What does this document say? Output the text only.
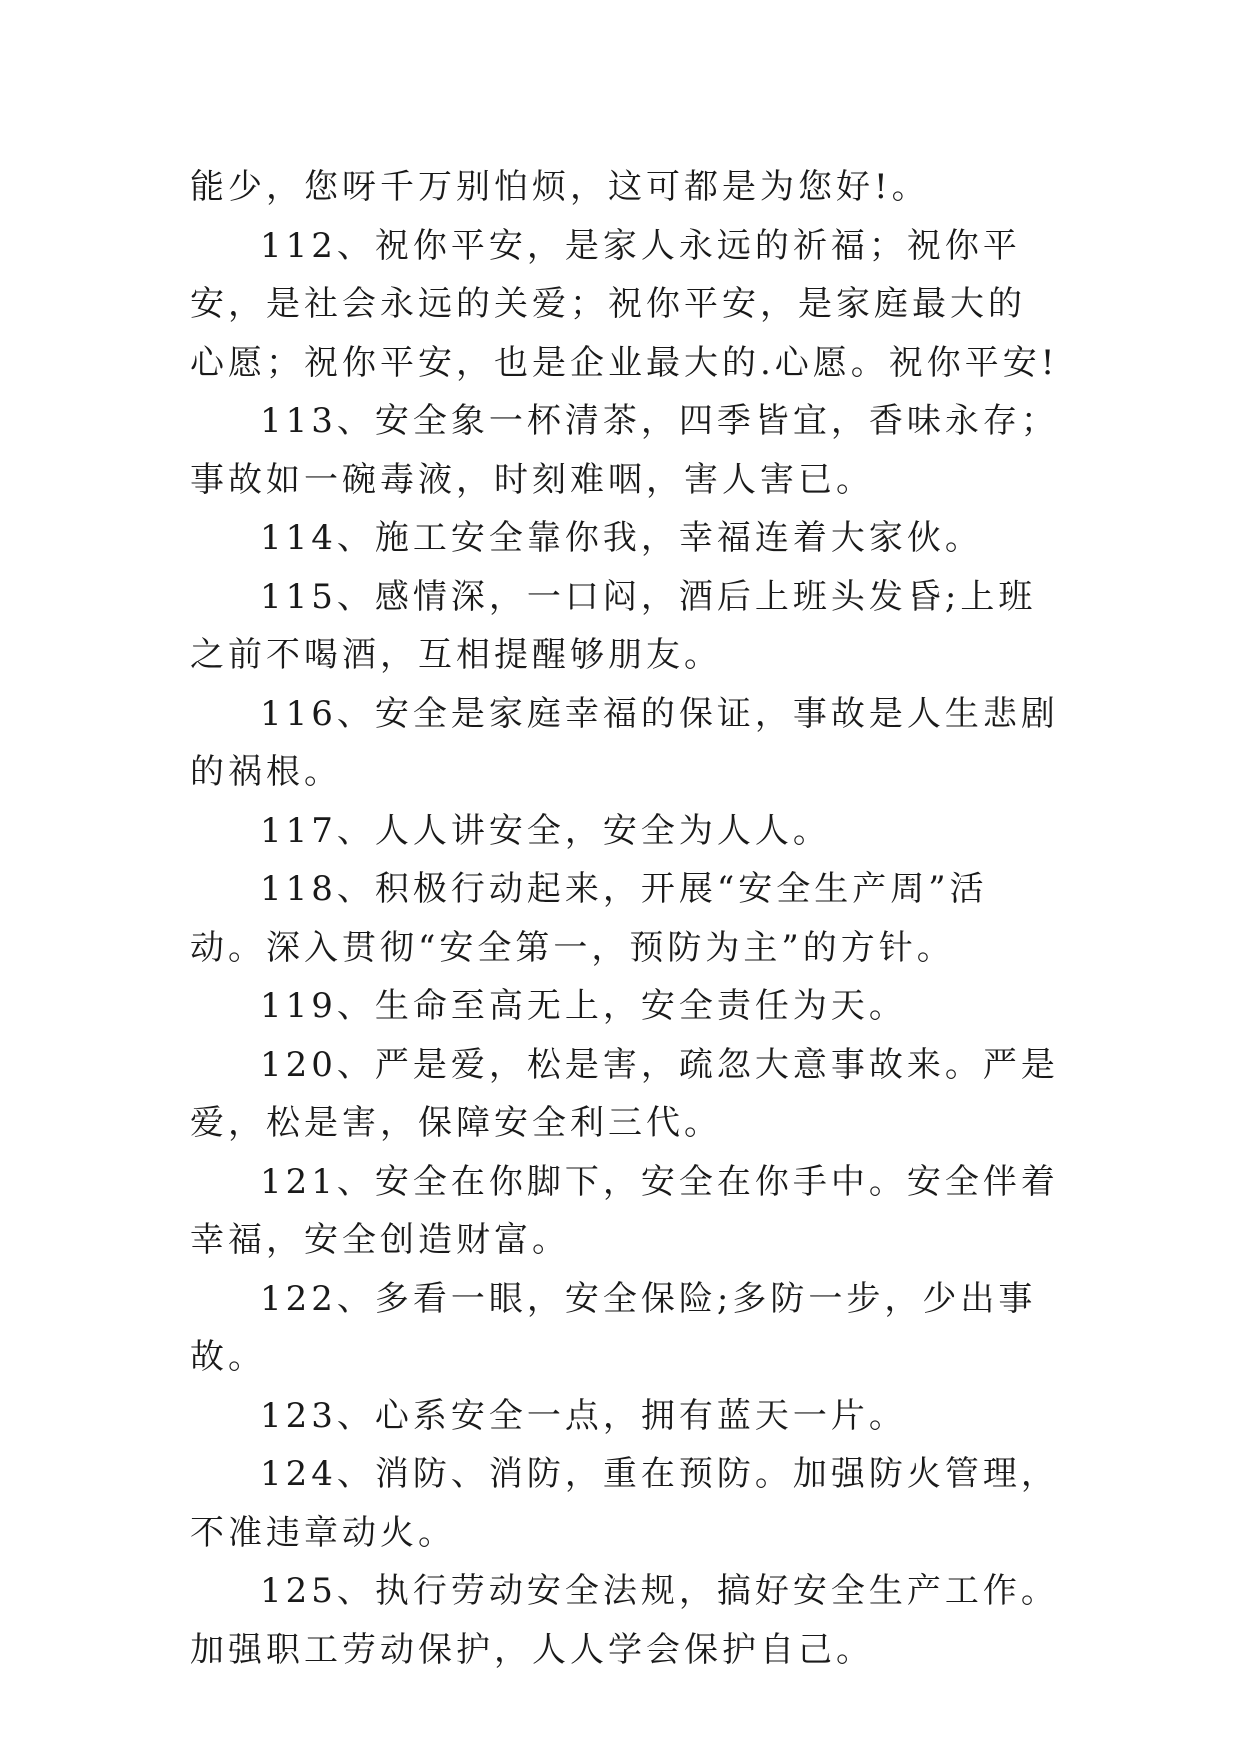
能少，您呀千万别怕烦，这可都是为您好!。

112、祝你平安，是家人永远的祈福；祝你平安，是社会永远的关爱；祝你平安，是家庭最大的心愿；祝你平安，也是企业最大的.心愿。祝你平安!

113、安全象一杯清茶，四季皆宜，香味永存；事故如一碗毒液，时刻难咽，害人害已。

114、施工安全靠你我，幸福连着大家伙。

115、感情深，一口闷，酒后上班头发昏;上班之前不喝酒，互相提醒够朋友。

116、安全是家庭幸福的保证，事故是人生悲剧的祸根。

117、人人讲安全，安全为人人。

118、积极行动起来，开展“安全生产周”活动。深入贯彻“安全第一，预防为主”的方针。

119、生命至高无上，安全责任为天。

120、严是爱，松是害，疏忽大意事故来。严是爱，松是害，保障安全利三代。

121、安全在你脚下，安全在你手中。安全伴着幸福，安全创造财富。

122、多看一眼，安全保险;多防一步，少出事故。

123、心系安全一点，拥有蓝天一片。

124、消防、消防，重在预防。加强防火管理，不准违章动火。

125、执行劳动安全法规，搞好安全生产工作。加强职工劳动保护，人人学会保护自己。
